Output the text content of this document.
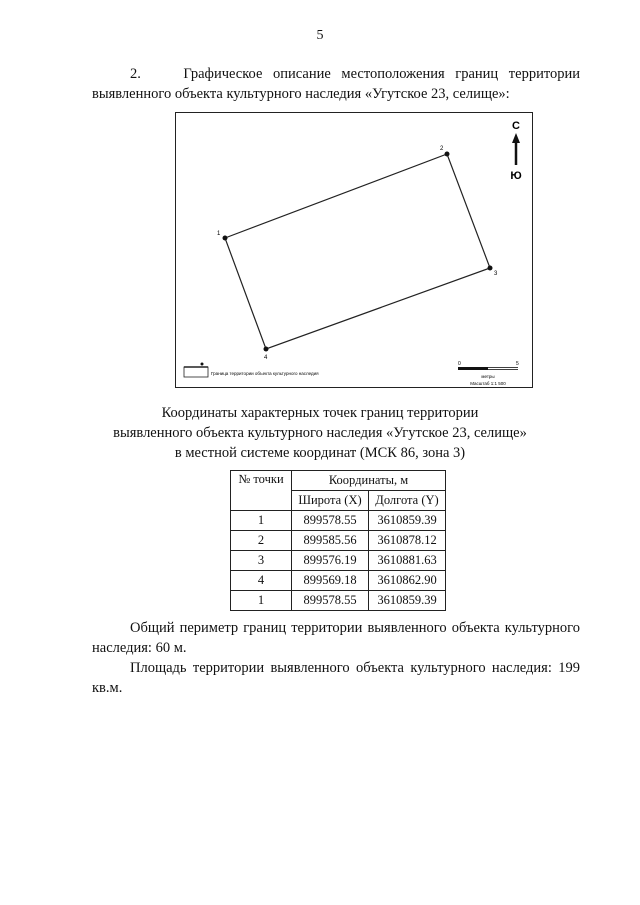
5
2.	Графическое описание местоположения границ территории выявленного объекта культурного наследия «Угутское 23, селище»:
1
2
3
4
С
Ю
Граница территории объекта культурного наследия
0	5
метры
Масштаб 1:1 500
Координаты характерных точек границ территории
выявленного объекта культурного наследия «Угутское 23, селище»
в местной системе координат (МСК 86, зона 3)
№ точки	Координаты, м	
	Широта (X)	Долгота (Y)
1	899578.55	3610859.39
2	899585.56	3610878.12
3	899576.19	3610881.63
4	899569.18	3610862.90
1	899578.55	3610859.39
Общий периметр границ территории выявленного объекта культурного наследия: 60 м.
Площадь территории выявленного объекта культурного наследия: 199 кв.м.
